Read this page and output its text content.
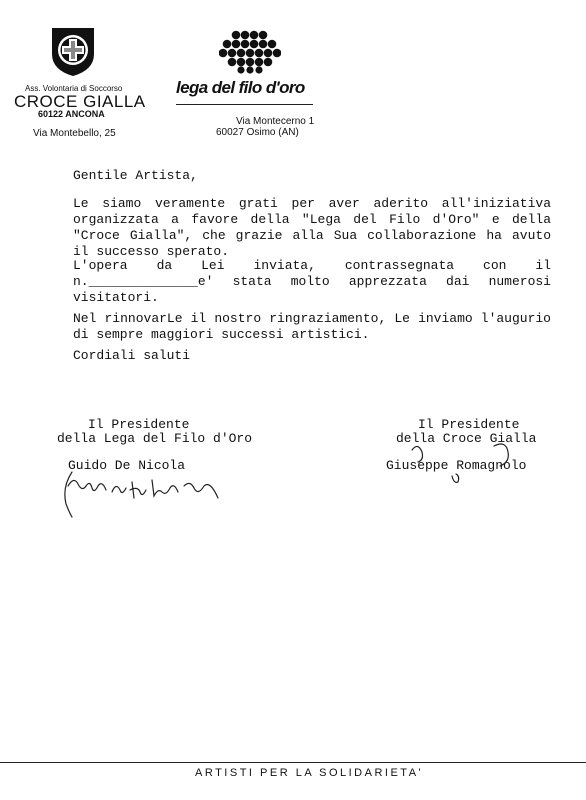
Ass. Volontaria di Soccorso
CROCE GIALLA
60122 ANCONA
Via Montebello, 25
lega del filo d'oro
Via Montecerno 1
60027 Osimo (AN)
Gentile Artista,
Le siamo veramente grati per aver aderito all'iniziativa organizzata a favore della "Lega del Filo d'Oro" e della "Croce Gialla", che grazie alla Sua collaborazione ha avuto il successo sperato.
L'opera da Lei inviata, contrassegnata con il
n.______________e' stata molto apprezzata dai numerosi
visitatori.
Nel rinnovarLe il nostro ringraziamento, Le inviamo l'augurio di sempre maggiori successi artistici.
Cordiali saluti
Il Presidente
della Lega del Filo d'Oro
Guido De Nicola
Il Presidente
della Croce Gialla
Giuseppe Romagnolo
ARTISTI PER LA SOLIDARIETA'
